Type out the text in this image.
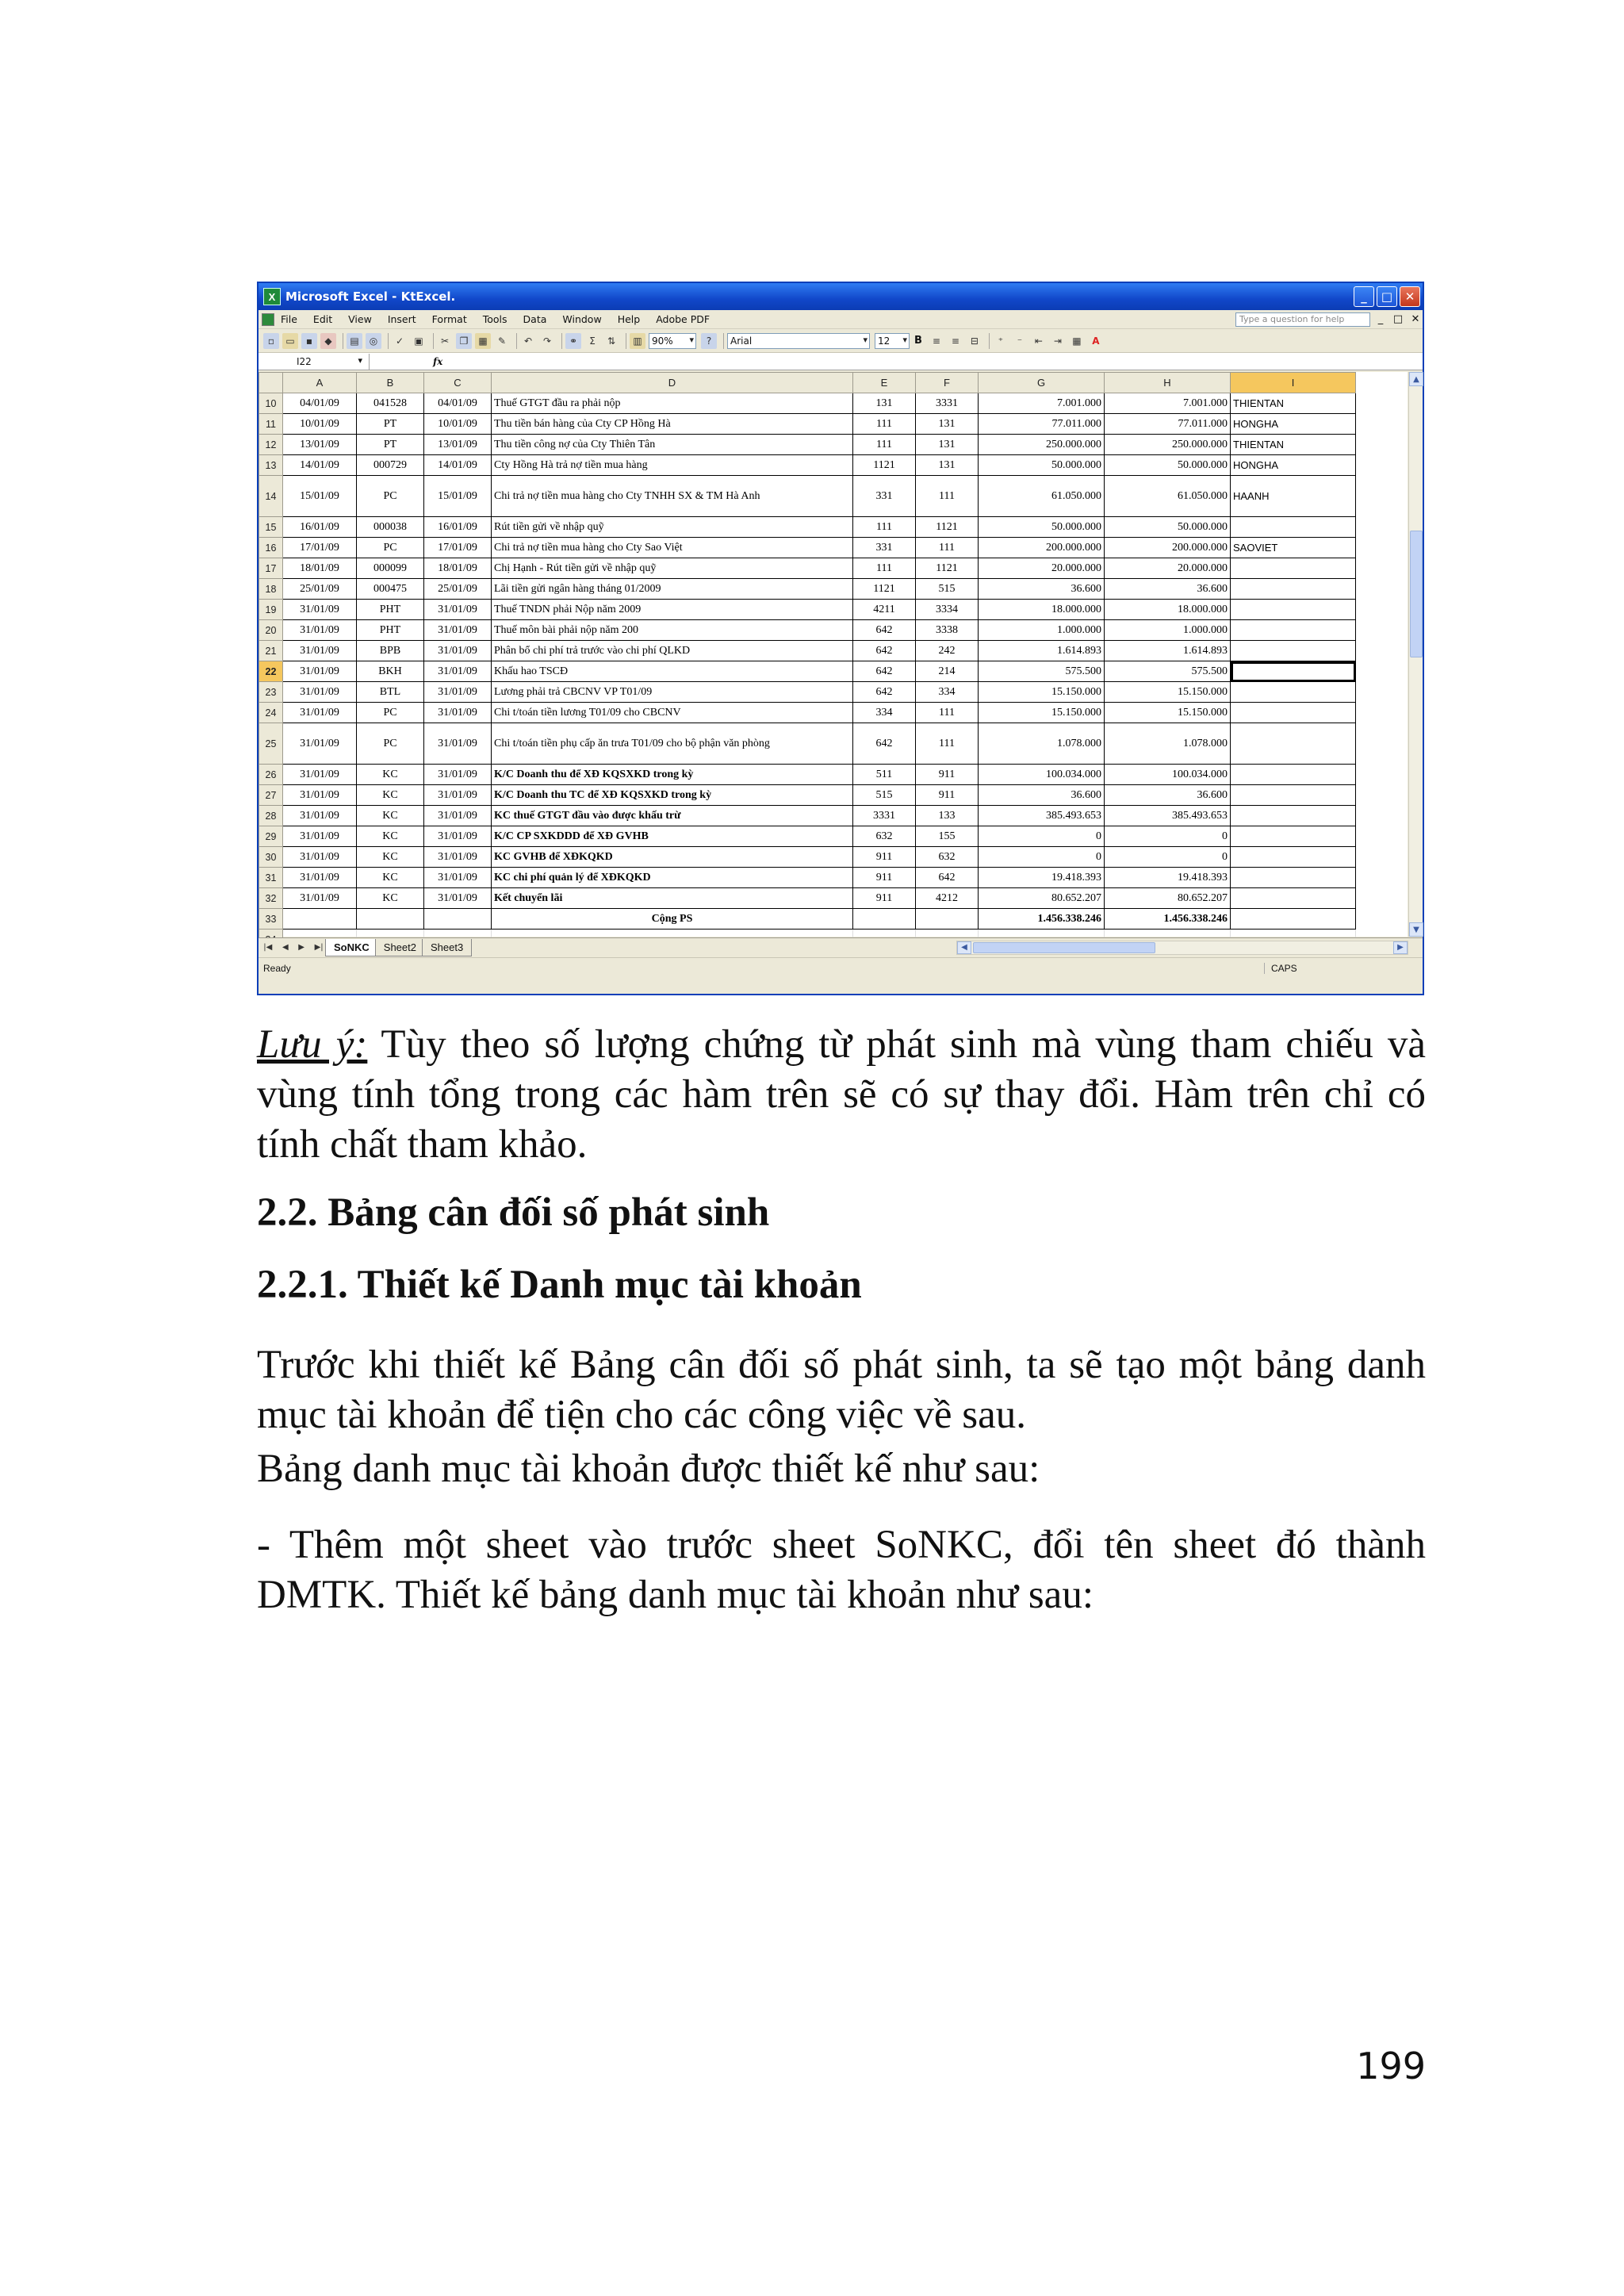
X Microsoft Excel - KtExcel.	_	□	✕
File Edit View Insert Format Tools Data Window Help Adobe PDF	Type a question for help	_ □ ✕
▫	▭	▪	◆	▤	◎	✓	▣	✂	❐	▦	✎	↶	↷	⚭	Σ	⇅	▥	90% ▾	?	Arial ▾	12 ▾	B	≡	≡	⊟	⁺	⁻	⇤	⇥	▦	A
I22 ▾	fx
	A	B	C	D	E	F	G	H	I
10	04/01/09	041528	04/01/09	Thuế GTGT đầu ra phải nộp	131	3331	7.001.000	7.001.000	THIENTAN
11	10/01/09	PT	10/01/09	Thu tiền bán hàng của Cty CP Hồng Hà	111	131	77.011.000	77.011.000	HONGHA
12	13/01/09	PT	13/01/09	Thu tiền công nợ của Cty Thiên Tân	111	131	250.000.000	250.000.000	THIENTAN
13	14/01/09	000729	14/01/09	Cty Hồng Hà trả nợ tiền mua hàng	1121	131	50.000.000	50.000.000	HONGHA
14	15/01/09	PC	15/01/09	Chi trả nợ tiền mua hàng cho Cty TNHH SX & TM Hà Anh	331	111	61.050.000	61.050.000	HAANH
15	16/01/09	000038	16/01/09	Rút tiền gửi về nhập quỹ	111	1121	50.000.000	50.000.000	
16	17/01/09	PC	17/01/09	Chi trả nợ tiền mua hàng cho Cty Sao Việt	331	111	200.000.000	200.000.000	SAOVIET
17	18/01/09	000099	18/01/09	Chị Hạnh - Rút tiền gửi về nhập quỹ	111	1121	20.000.000	20.000.000	
18	25/01/09	000475	25/01/09	Lãi tiền gửi ngân hàng tháng 01/2009	1121	515	36.600	36.600	
19	31/01/09	PHT	31/01/09	Thuế TNDN phải Nộp năm 2009	4211	3334	18.000.000	18.000.000	
20	31/01/09	PHT	31/01/09	Thuế môn bài phải nộp năm 200	642	3338	1.000.000	1.000.000	
21	31/01/09	BPB	31/01/09	Phân bổ chi phí trả trước vào chi phí QLKD	642	242	1.614.893	1.614.893	
22	31/01/09	BKH	31/01/09	Khấu hao TSCĐ	642	214	575.500	575.500	
23	31/01/09	BTL	31/01/09	Lương phải trả CBCNV VP T01/09	642	334	15.150.000	15.150.000	
24	31/01/09	PC	31/01/09	Chi t/toán tiền lương T01/09 cho CBCNV	334	111	15.150.000	15.150.000	
25	31/01/09	PC	31/01/09	Chi t/toán tiền phụ cấp ăn trưa T01/09 cho bộ phận văn phòng	642	111	1.078.000	1.078.000	
26	31/01/09	KC	31/01/09	K/C Doanh thu để XĐ KQSXKD trong kỳ	511	911	100.034.000	100.034.000	
27	31/01/09	KC	31/01/09	K/C Doanh thu TC để XĐ KQSXKD trong kỳ	515	911	36.600	36.600	
28	31/01/09	KC	31/01/09	KC thuế GTGT đầu vào được khấu trừ	3331	133	385.493.653	385.493.653	
29	31/01/09	KC	31/01/09	K/C CP SXKDDD để XĐ GVHB	632	155	0	0	
30	31/01/09	KC	31/01/09	KC GVHB để XĐKQKD	911	632	0	0	
31	31/01/09	KC	31/01/09	KC chi phí quản lý để XĐKQKD	911	642	19.418.393	19.418.393	
32	31/01/09	KC	31/01/09	Kết chuyển lãi	911	4212	80.652.207	80.652.207	
33				Cộng PS			1.456.338.246	1.456.338.246	

▲
▼
|◀ ◀ ▶ ▶|	SoNKC	Sheet2	Sheet3	◀	▶
Ready	CAPS
Lưu ý: Tùy theo số lượng chứng từ phát sinh mà vùng tham chiếu và vùng tính tổng trong các hàm trên sẽ có sự thay đổi. Hàm trên chỉ có tính chất tham khảo.
2.2. Bảng cân đối số phát sinh
2.2.1. Thiết kế Danh mục tài khoản
Trước khi thiết kế Bảng cân đối số phát sinh, ta sẽ tạo một bảng danh mục tài khoản để tiện cho các công việc về sau.
Bảng danh mục tài khoản được thiết kế như sau:
- Thêm một sheet vào trước sheet SoNKC, đổi tên sheet đó thành DMTK. Thiết kế bảng danh mục tài khoản như sau:
199
